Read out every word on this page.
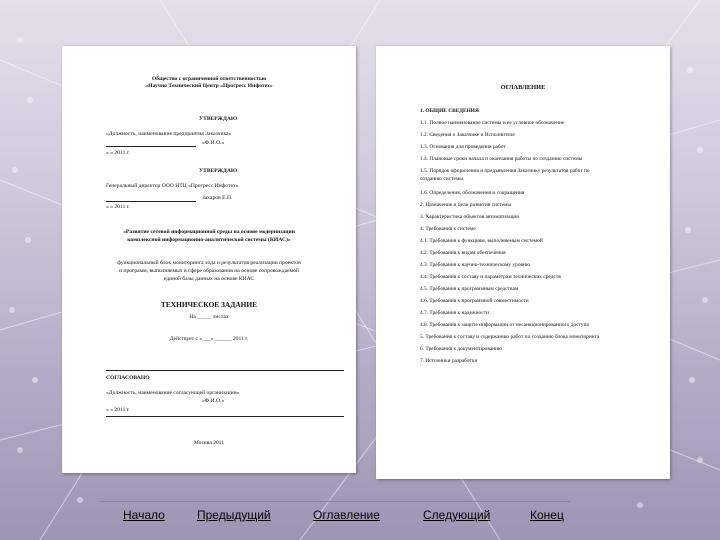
Общество с ограниченной ответственностью
«Научно Технический Центр «Прогресс Инфотех»
УТВЕРЖДАЮ
«Должность, наименование предприятия Заказчика»
«Ф.И.О.»
« » 2011 г.
УТВЕРЖДАЮ
Генеральный директор ООО НТЦ «Прогресс Инфотех»
Захаров Е.П.
« » 2011 г.
«Развитие сетевой информационной среды на основе модернизации
комплексной информационно-аналитической системы (КИАС)»
функциональный блок мониторинга хода и результатов реализации проектов
и программ, выполняемых в сфере образования на основе сопровождаемой
единой базы данных на основе КИАС
ТЕХНИЧЕСКОЕ ЗАДАНИЕ
На _____ листах
Действует с «___» ______ 2011 г.
СОГЛАСОВАНО
«Должность, наименование согласующей организации»
«Ф.И.О.»
« » 2011 г.
Москва 2011
ОГЛАВЛЕНИЕ
1. ОБЩИЕ СВЕДЕНИЯ
1.1. Полное наименование системы и ее условное обозначение
1.2. Сведения о Заказчике и Исполнителе
1.3. Основания для проведения работ
1.4. Плановые сроки начала и окончания работы по созданию системы
1.5. Порядок оформления и предъявления Заказчику результатов работ по
созданию системы
1.6. Определения, обозначения и сокращения
2. Назначение и цели развития системы
3. Характеристика объектов автоматизации
4. Требования к системе
4.1. Требования к функциям, выполняемым системой
4.2. Требования к видам обеспечения
4.3. Требования к научно-техническому уровню
4.4. Требования к составу и параметрам технических средств
4.5. Требования к программным средствам
4.6. Требования к программной совместимости
4.7. Требования к надежности
4.8. Требования к защите информации от несанкционированного доступа
5. Требования к составу и содержанию работ по созданию блока мониторинга
6. Требования к документированию
7. Источники разработки
Начало	Предыдущий	Оглавление	Следующий	Конец
